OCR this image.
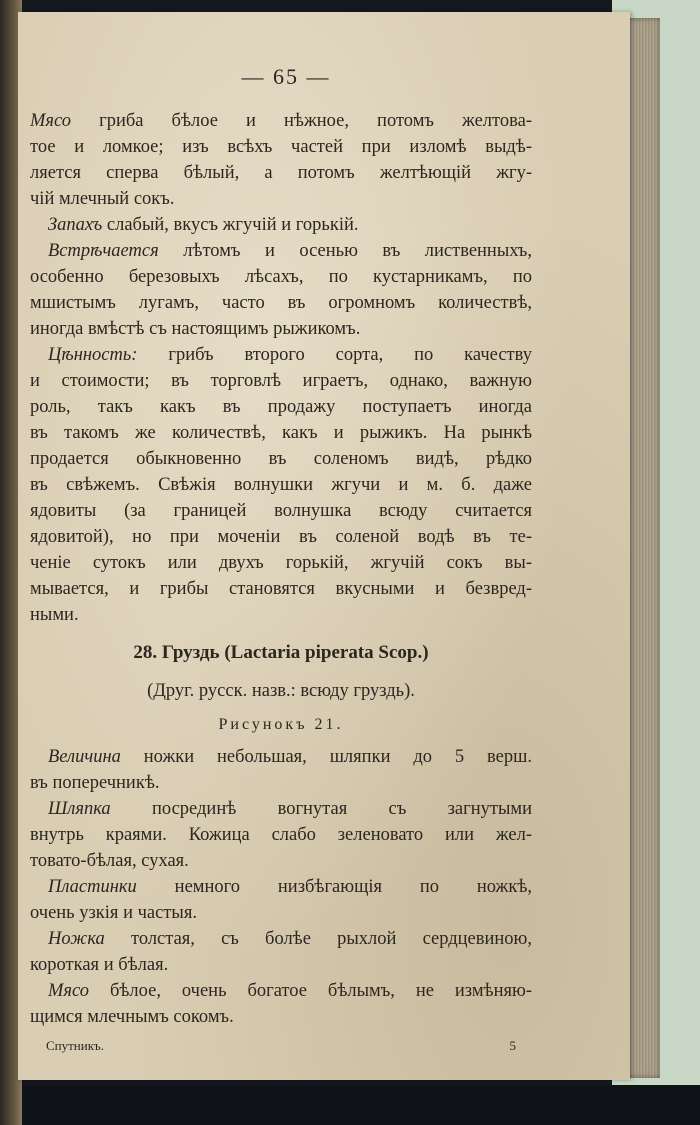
— 65 —
Мясо гриба бѣлое и нѣжное, потомъ желтова-
тое и ломкое; изъ всѣхъ частей при изломѣ выдѣ-
ляется сперва бѣлый, а потомъ желтѣющій жгу-
чій млечный сокъ.
Запахъ слабый, вкусъ жгучій и горькій.
Встрѣчается лѣтомъ и осенью въ лиственныхъ,
особенно березовыхъ лѣсахъ, по кустарникамъ, по
мшистымъ лугамъ, часто въ огромномъ количествѣ,
иногда вмѣстѣ съ настоящимъ рыжикомъ.
Цѣнность: грибъ второго сорта, по качеству
и стоимости; въ торговлѣ играетъ, однако, важную
роль, такъ какъ въ продажу поступаетъ иногда
въ такомъ же количествѣ, какъ и рыжикъ. На рынкѣ
продается обыкновенно въ соленомъ видѣ, рѣдко
въ свѣжемъ. Свѣжія волнушки жгучи и м. б. даже
ядовиты (за границей волнушка всюду считается
ядовитой), но при моченіи въ соленой водѣ въ те-
ченіе сутокъ или двухъ горькій, жгучій сокъ вы-
мывается, и грибы становятся вкусными и безвред-
ными.
28. Груздь (Lactaria piperata Scop.)
(Друг. русск. назв.: всюду груздь).
Рисунокъ 21.
Величина ножки небольшая, шляпки до 5 верш.
въ поперечникѣ.
Шляпка посрединѣ вогнутая съ загнутыми
внутрь краями. Кожица слабо зеленовато или жел-
товато-бѣлая, сухая.
Пластинки немного низбѣгающія по ножкѣ,
очень узкія и частыя.
Ножка толстая, съ болѣе рыхлой сердцевиною,
короткая и бѣлая.
Мясо бѣлое, очень богатое бѣлымъ, не измѣняю-
щимся млечнымъ сокомъ.
Спутникъ.	5
